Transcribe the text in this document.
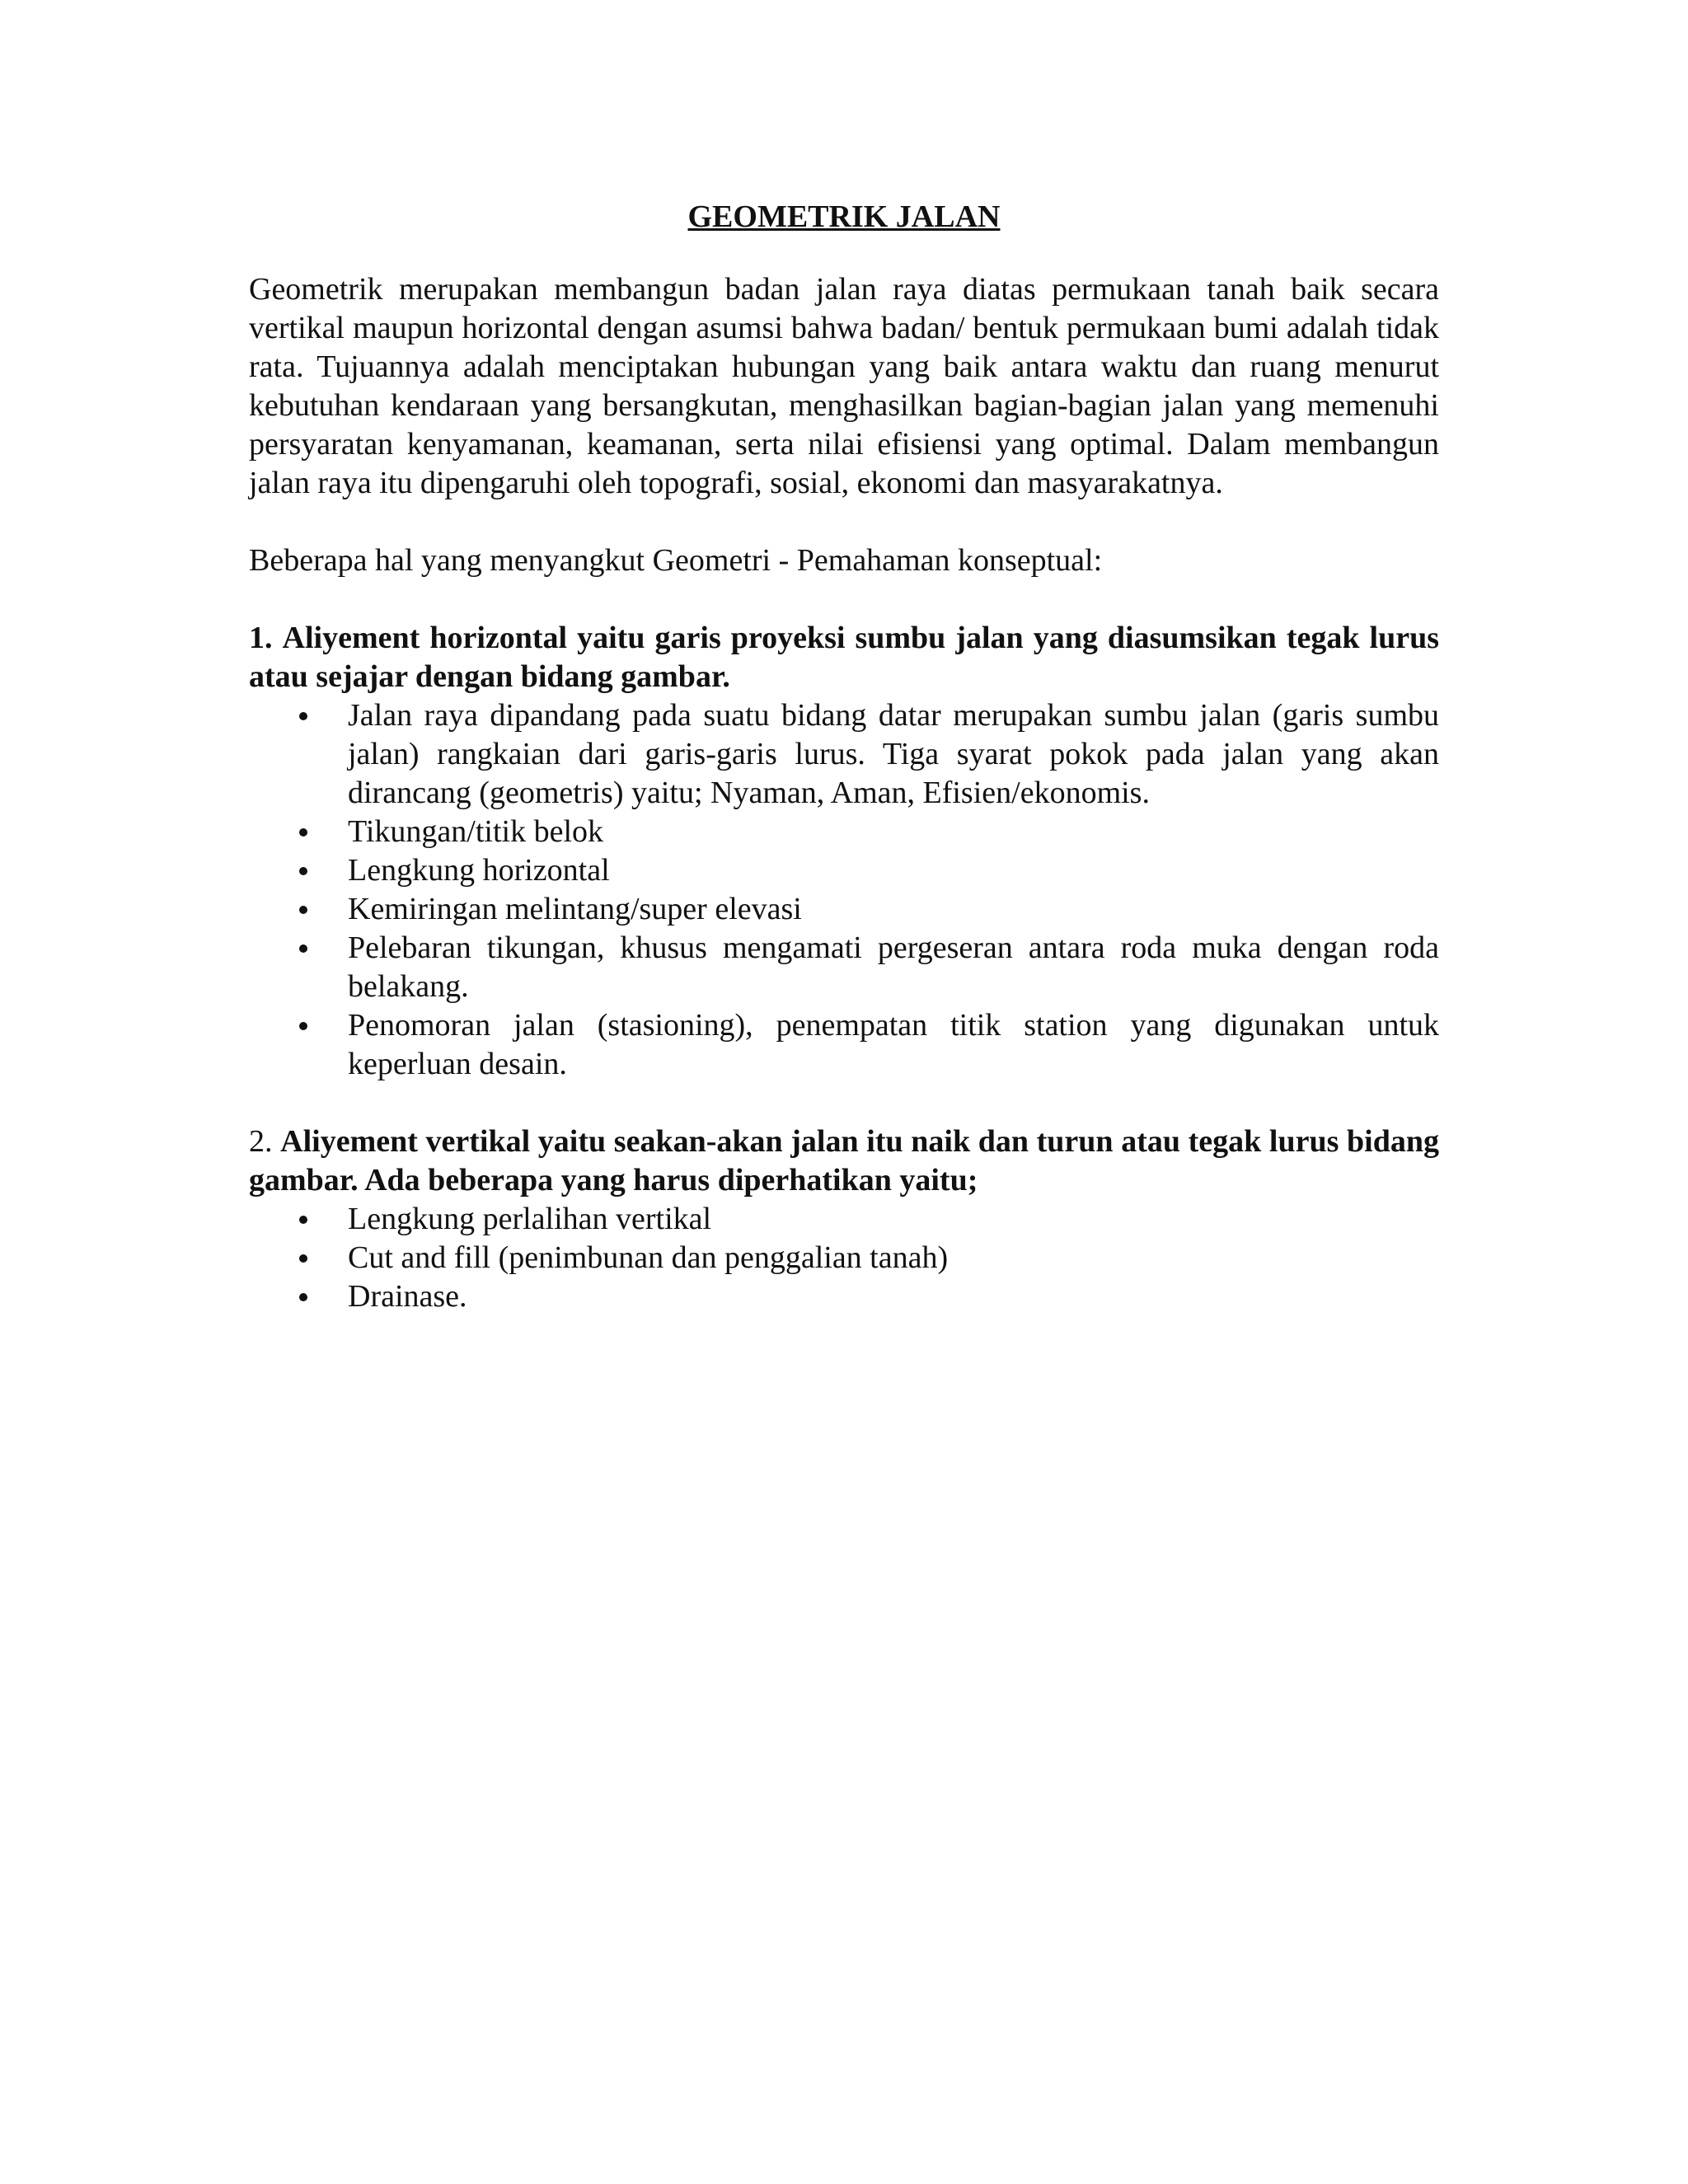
GEOMETRIK JALAN

Geometrik merupakan membangun badan jalan raya diatas permukaan tanah baik secara vertikal maupun horizontal dengan asumsi bahwa badan/ bentuk permukaan bumi adalah tidak rata. Tujuannya adalah menciptakan hubungan yang baik antara waktu dan ruang menurut kebutuhan kendaraan yang bersangkutan, menghasilkan bagian-bagian jalan yang memenuhi persyaratan kenyamanan, keamanan, serta nilai efisiensi yang optimal. Dalam membangun jalan raya itu dipengaruhi oleh topografi, sosial, ekonomi dan masyarakatnya.

Beberapa hal yang menyangkut Geometri - Pemahaman konseptual:

1. Aliyement horizontal yaitu garis proyeksi sumbu jalan yang diasumsikan tegak lurus atau sejajar dengan bidang gambar.

Jalan raya dipandang pada suatu bidang datar merupakan sumbu jalan (garis sumbu jalan) rangkaian dari garis-garis lurus. Tiga syarat pokok pada jalan yang akan dirancang (geometris) yaitu; Nyaman, Aman, Efisien/ekonomis.
Tikungan/titik belok
Lengkung horizontal
Kemiringan melintang/super elevasi
Pelebaran tikungan, khusus mengamati pergeseran antara roda muka dengan roda belakang.
Penomoran jalan (stasioning), penempatan titik station yang digunakan untuk keperluan desain.

2. Aliyement vertikal yaitu seakan-akan jalan itu naik dan turun atau tegak lurus bidang gambar. Ada beberapa yang harus diperhatikan yaitu;

Lengkung perlalihan vertikal
Cut and fill (penimbunan dan penggalian tanah)
Drainase.
